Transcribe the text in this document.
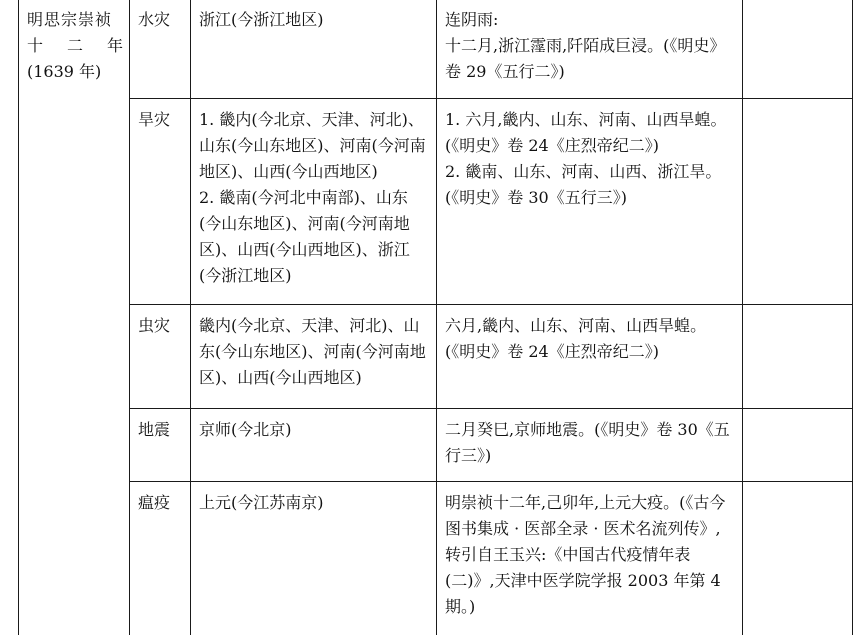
明思宗崇祯
十 二 年
(1639 年)	水灾	浙江(今浙江地区)	连阴雨:
十二月,浙江霪雨,阡陌成巨浸。(《明史》卷 29《五行二》)	
	旱灾	1. 畿内(今北京、天津、河北)、山东(今山东地区)、河南(今河南地区)、山西(今山西地区)
2. 畿南(今河北中南部)、山东(今山东地区)、河南(今河南地区)、山西(今山西地区)、浙江(今浙江地区)	1. 六月,畿内、山东、河南、山西旱蝗。(《明史》卷 24《庄烈帝纪二》)
2. 畿南、山东、河南、山西、浙江旱。(《明史》卷 30《五行三》)	
	虫灾	畿内(今北京、天津、河北)、山东(今山东地区)、河南(今河南地区)、山西(今山西地区)	六月,畿内、山东、河南、山西旱蝗。(《明史》卷 24《庄烈帝纪二》)	
	地震	京师(今北京)	二月癸巳,京师地震。(《明史》卷 30《五行三》)	
	瘟疫	上元(今江苏南京)	明崇祯十二年,己卯年,上元大疫。(《古今图书集成 · 医部全录 · 医术名流列传》,转引自王玉兴:《中国古代疫情年表(二)》,天津中医学院学报 2003 年第 4 期。)	
